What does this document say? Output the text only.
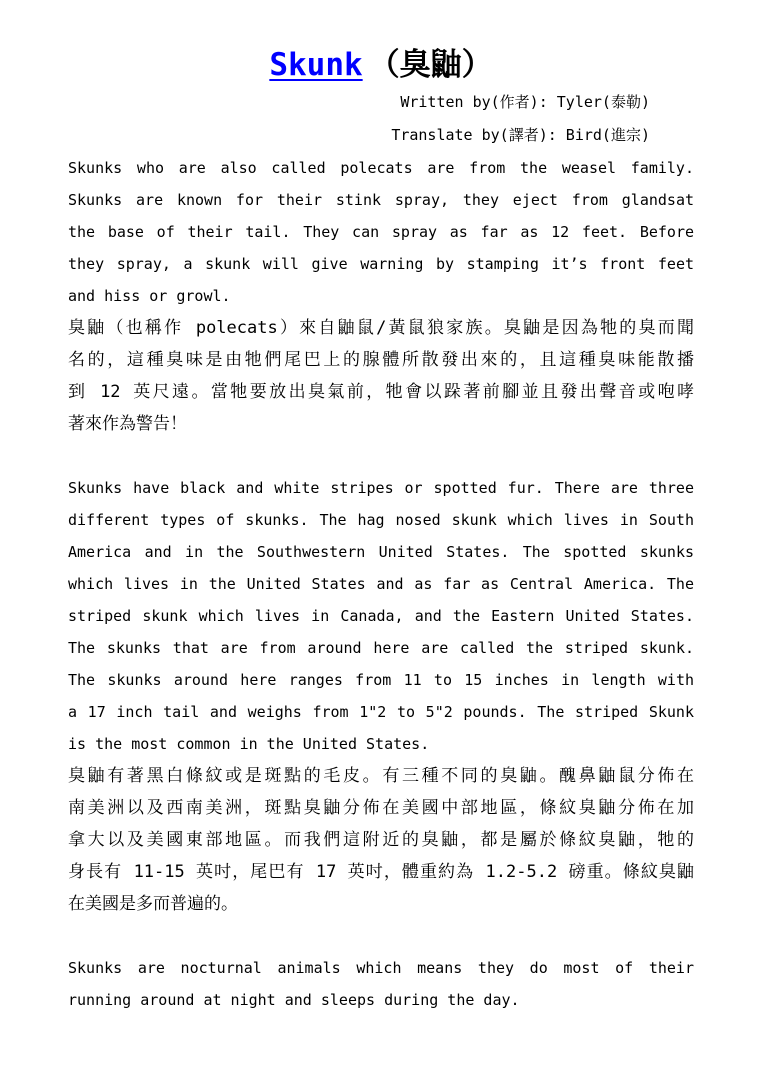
Skunk （臭鼬）
Written by(作者): Tyler(泰勒)
Translate by(譯者): Bird(進宗)
Skunks who are also called polecats are from the weasel family.
Skunks are known for their stink spray, they eject from glandsat
the base of their tail. They can spray as far as 12 feet. Before
they spray, a skunk will give warning by stamping it’s front feet
and hiss or growl.
臭鼬（也稱作 polecats）來自鼬鼠/黃鼠狼家族。臭鼬是因為牠的臭而聞
名的，這種臭味是由牠們尾巴上的腺體所散發出來的，且這種臭味能散播
到 12 英尺遠。當牠要放出臭氣前，牠會以跺著前腳並且發出聲音或咆哮
著來作為警告！
Skunks have black and white stripes or spotted fur. There are three
different types of skunks. The hag nosed skunk which lives in South
America and in the Southwestern United States. The spotted skunks
which lives in the United States and as far as Central America. The
striped skunk which lives in Canada, and the Eastern United States.
The skunks that are from around here are called the striped skunk.
The skunks around here ranges from 11 to 15 inches in length with
a 17 inch tail and weighs from 1"2 to 5"2 pounds. The striped Skunk
is the most common in the United States.
臭鼬有著黑白條紋或是斑點的毛皮。有三種不同的臭鼬。醜鼻鼬鼠分佈在
南美洲以及西南美洲，斑點臭鼬分佈在美國中部地區，條紋臭鼬分佈在加
拿大以及美國東部地區。而我們這附近的臭鼬，都是屬於條紋臭鼬，牠的
身長有 11-15 英吋，尾巴有 17 英吋，體重約為 1.2-5.2 磅重。條紋臭鼬
在美國是多而普遍的。
Skunks are nocturnal animals which means they do most of their
running around at night and sleeps during the day.
